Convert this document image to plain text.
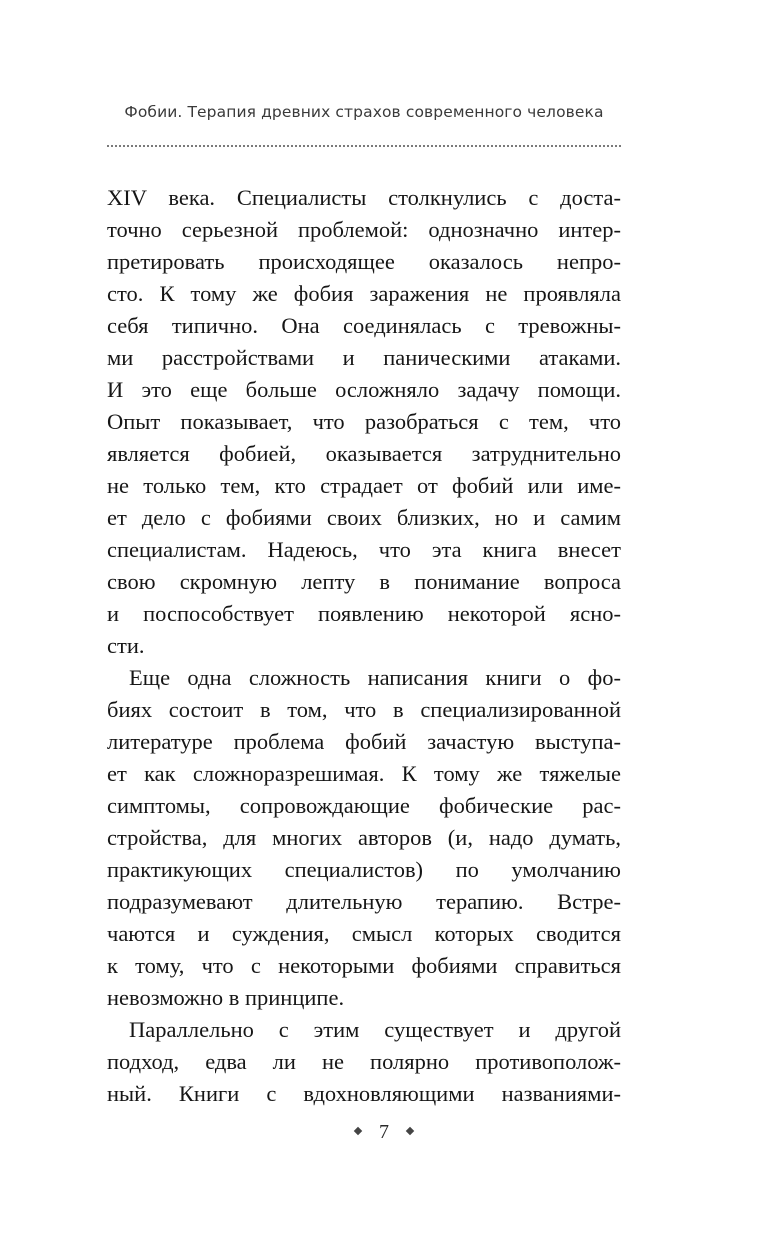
Фобии. Терапия древних страхов современного человека
XIV века. Специалисты столкнулись с доста-
точно серьезной проблемой: однозначно интер-
претировать происходящее оказалось непро-
сто. К тому же фобия заражения не проявляла
себя типично. Она соединялась с тревожны-
ми расстройствами и паническими атаками.
И это еще больше осложняло задачу помощи.
Опыт показывает, что разобраться с тем, что
является фобией, оказывается затруднительно
не только тем, кто страдает от фобий или име-
ет дело с фобиями своих близких, но и самим
специалистам. Надеюсь, что эта книга внесет
свою скромную лепту в понимание вопроса
и поспособствует появлению некоторой ясно-
сти.
Еще одна сложность написания книги о фо-
биях состоит в том, что в специализированной
литературе проблема фобий зачастую выступа-
ет как сложноразрешимая. К тому же тяжелые
симптомы, сопровождающие фобические рас-
стройства, для многих авторов (и, надо думать,
практикующих специалистов) по умолчанию
подразумевают длительную терапию. Встре-
чаются и суждения, смысл которых сводится
к тому, что с некоторыми фобиями справиться
невозможно в принципе.
Параллельно с этим существует и другой
подход, едва ли не полярно противополож-
ный. Книги с вдохновляющими названиями-
7
